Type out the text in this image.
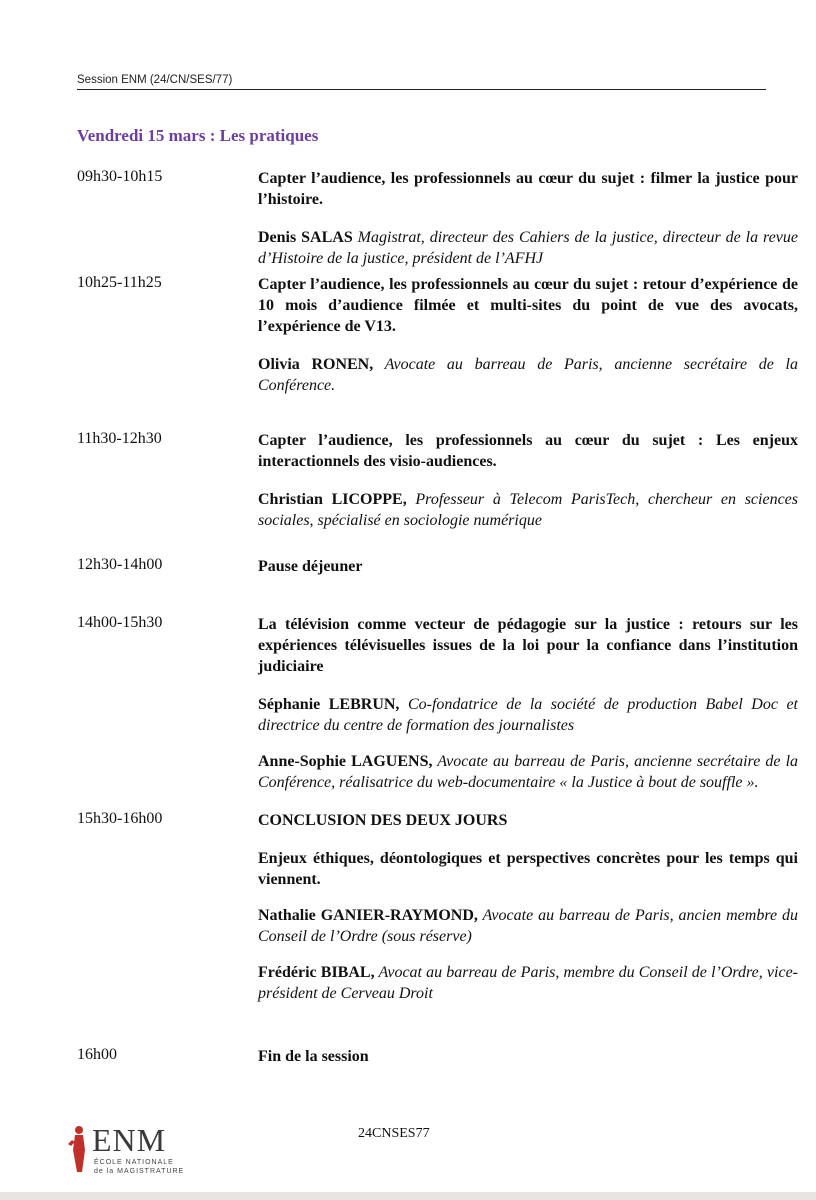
Session ENM (24/CN/SES/77)
Vendredi 15 mars : Les pratiques
09h30-10h15	Capter l’audience, les professionnels au cœur du sujet : filmer la justice pour l’histoire.
Denis SALAS Magistrat, directeur des Cahiers de la justice, directeur de la revue d’Histoire de la justice, président de l’AFHJ
10h25-11h25	Capter l’audience, les professionnels au cœur du sujet : retour d’expérience de 10 mois d’audience filmée et multi-sites du point de vue des avocats, l’expérience de V13.
Olivia RONEN, Avocate au barreau de Paris, ancienne secrétaire de la Conférence.
11h30-12h30	Capter l’audience, les professionnels au cœur du sujet : Les enjeux interactionnels des visio-audiences.
Christian LICOPPE, Professeur à Telecom ParisTech, chercheur en sciences sociales, spécialisé en sociologie numérique
12h30-14h00	Pause déjeuner
14h00-15h30	La télévision comme vecteur de pédagogie sur la justice : retours sur les expériences télévisuelles issues de la loi pour la confiance dans l’institution judiciaire
Séphanie LEBRUN, Co-fondatrice de la société de production Babel Doc et directrice du centre de formation des journalistes
Anne-Sophie LAGUENS, Avocate au barreau de Paris, ancienne secrétaire de la Conférence, réalisatrice du web-documentaire « la Justice à bout de souffle ».
15h30-16h00	CONCLUSION DES DEUX JOURS
Enjeux éthiques, déontologiques et perspectives concrètes pour les temps qui viennent.
Nathalie GANIER-RAYMOND, Avocate au barreau de Paris, ancien membre du Conseil de l’Ordre (sous réserve)
Frédéric BIBAL, Avocat au barreau de Paris, membre du Conseil de l’Ordre, vice-président de Cerveau Droit
16h00	Fin de la session
24CNSES77
ENM
ÉCOLE NATIONALE
de la MAGISTRATURE
